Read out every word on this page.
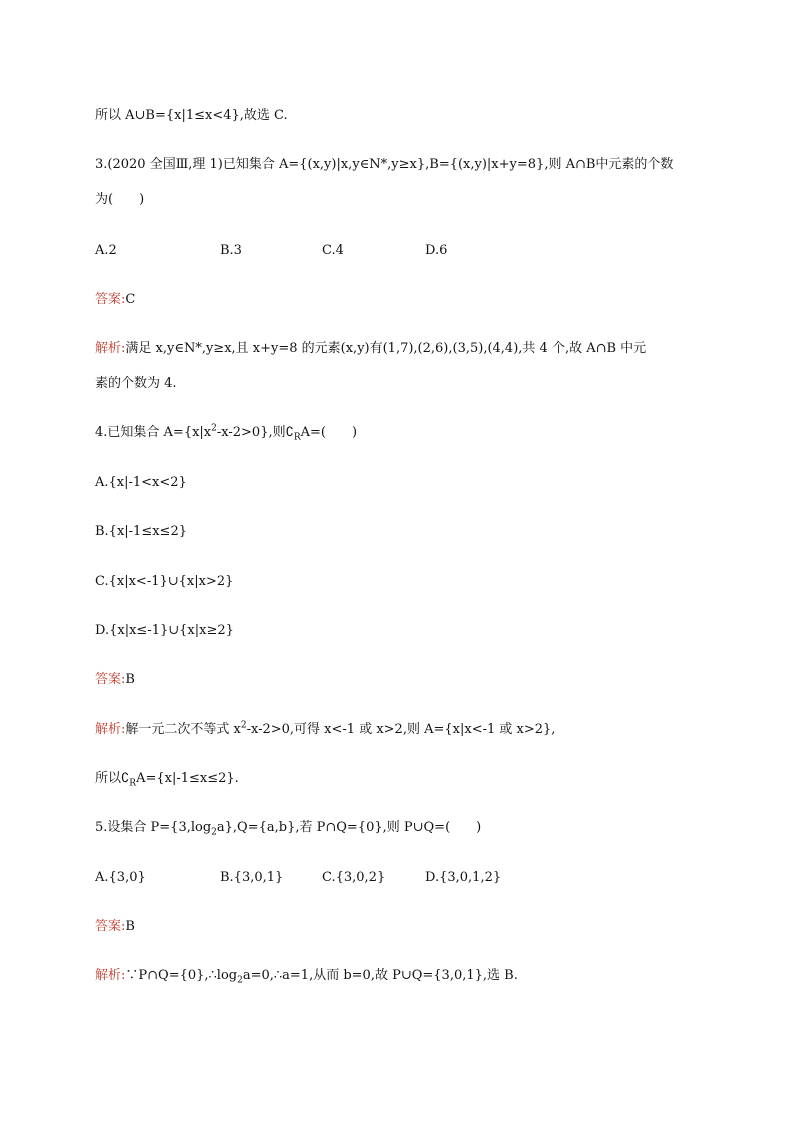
所以 A∪B={x|1≤x<4},故选 C.
3.(2020 全国Ⅲ,理 1)已知集合 A={(x,y)|x,y∈N*,y≥x},B={(x,y)|x+y=8},则 A∩B中元素的个数
为(　　)
A.2	B.3	C.4	D.6
答案:C
解析:满足 x,y∈N*,y≥x,且 x+y=8 的元素(x,y)有(1,7),(2,6),(3,5),(4,4),共 4 个,故 A∩B 中元
素的个数为 4.
4.已知集合 $A=\{x|x^2-x-2>0\}$,则$∁_RA=$(　　)
A.{x|-1<x<2}
B.{x|-1≤x≤2}
C.{x|x<-1}∪{x|x>2}
D.{x|x≤-1}∪{x|x≥2}
答案:B
解析:解一元二次不等式 $x^2-x-2>0$,可得 x<-1 或 x>2,则 A={x|x<-1 或 x>2},
所以$∁_RA=\{x|-1\le x\le 2\}$.
5.设集合 $P=\{3,\log_2a\},Q=\{a,b\}$,若 P∩Q={0},则 P∪Q=(　　)
A.{3,0}	B.{3,0,1}	C.{3,0,2}	D.{3,0,1,2}
答案:B
解析$:\because P\cap Q=\{0\},\therefore\log_2a=0,\therefore a=1$,从而 b=0,故 P∪Q={3,0,1},选 B.
